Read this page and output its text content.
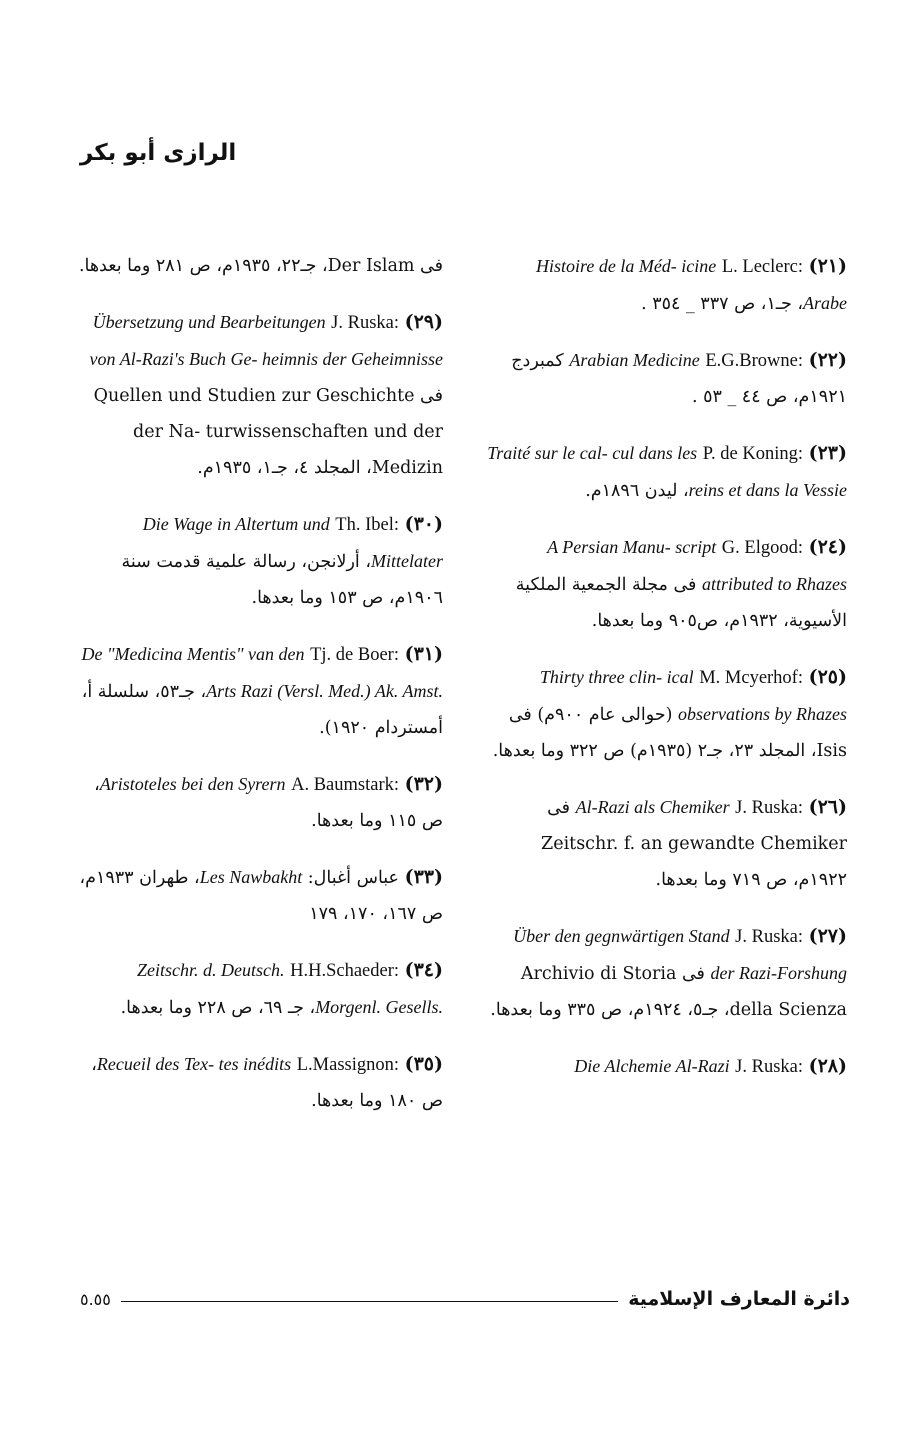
الرازى أبو بكر

(٢١) L. Leclerc: Histoire de la Méd- icine Arabe، جـ١، ص ٣٣٧ _ ٣٥٤ .

(٢٢) E.G.Browne: Arabian Medicine كمبردج ١٩٢١م، ص ٤٤ _ ٥٣ .

(٢٣) P. de Koning: Traité sur le cal- cul dans les reins et dans la Vessie، ليدن ١٨٩٦م.

(٢٤) G. Elgood: A Persian Manu- script attributed to Rhazes فى مجلة الجمعية الملكية الأسيوية، ١٩٣٢م، ص٩٠٥ وما بعدها.

(٢٥) M. Mcyerhof: Thirty three clin- ical observations by Rhazes (حوالى عام ٩٠٠م) فى Isis، المجلد ٢٣، جـ٢ (١٩٣٥م) ص ٣٢٢ وما بعدها.

(٢٦) J. Ruska: Al-Razi als Chemiker فى Zeitschr. f. an gewandte Chemiker ١٩٢٢م، ص ٧١٩ وما بعدها.

(٢٧) J. Ruska: Über den gegnwärtigen Stand der Razi-Forshung فى Archivio di Storia della Scienza، جـ٥، ١٩٢٤م، ص ٣٣٥ وما بعدها.

(٢٨) J. Ruska: Die Alchemie Al-Razi

فى Der Islam، جـ٢٢، ١٩٣٥م، ص ٢٨١ وما بعدها.

(٢٩) J. Ruska: Übersetzung und Bearbeitungen von Al-Razi's Buch Ge- heimnis der Geheimnisse فى Quellen und Studien zur Geschichte der Na- turwissenschaften und der Medizin، المجلد ٤، جـ١، ١٩٣٥م.

(٣٠) Th. Ibel: Die Wage in Altertum und Mittelater، أرلانجن، رسالة علمية قدمت سنة ١٩٠٦م، ص ١٥٣ وما بعدها.

(٣١) Tj. de Boer: De "Medicina Mentis" van den Arts Razi (Versl. Med.) Ak. Amst.، جـ٥٣، سلسلة أ، أمستردام ١٩٢٠).

(٣٢) A. Baumstark: Aristoteles bei den Syrern، ص ١١٥ وما بعدها.

(٣٣) عباس أغبال: Les Nawbakht، طهران ١٩٣٣م، ص ١٦٧، ١٧٠، ١٧٩

(٣٤) H.H.Schaeder: Zeitschr. d. Deutsch. Morgenl. Gesells.، جـ ٦٩، ص ٢٢٨ وما بعدها.

(٣٥) L.Massignon: Recueil des Tex- tes inédits، ص ١٨٠ وما بعدها.

دائرة المعارف الإسلامية
٥.٥٥
